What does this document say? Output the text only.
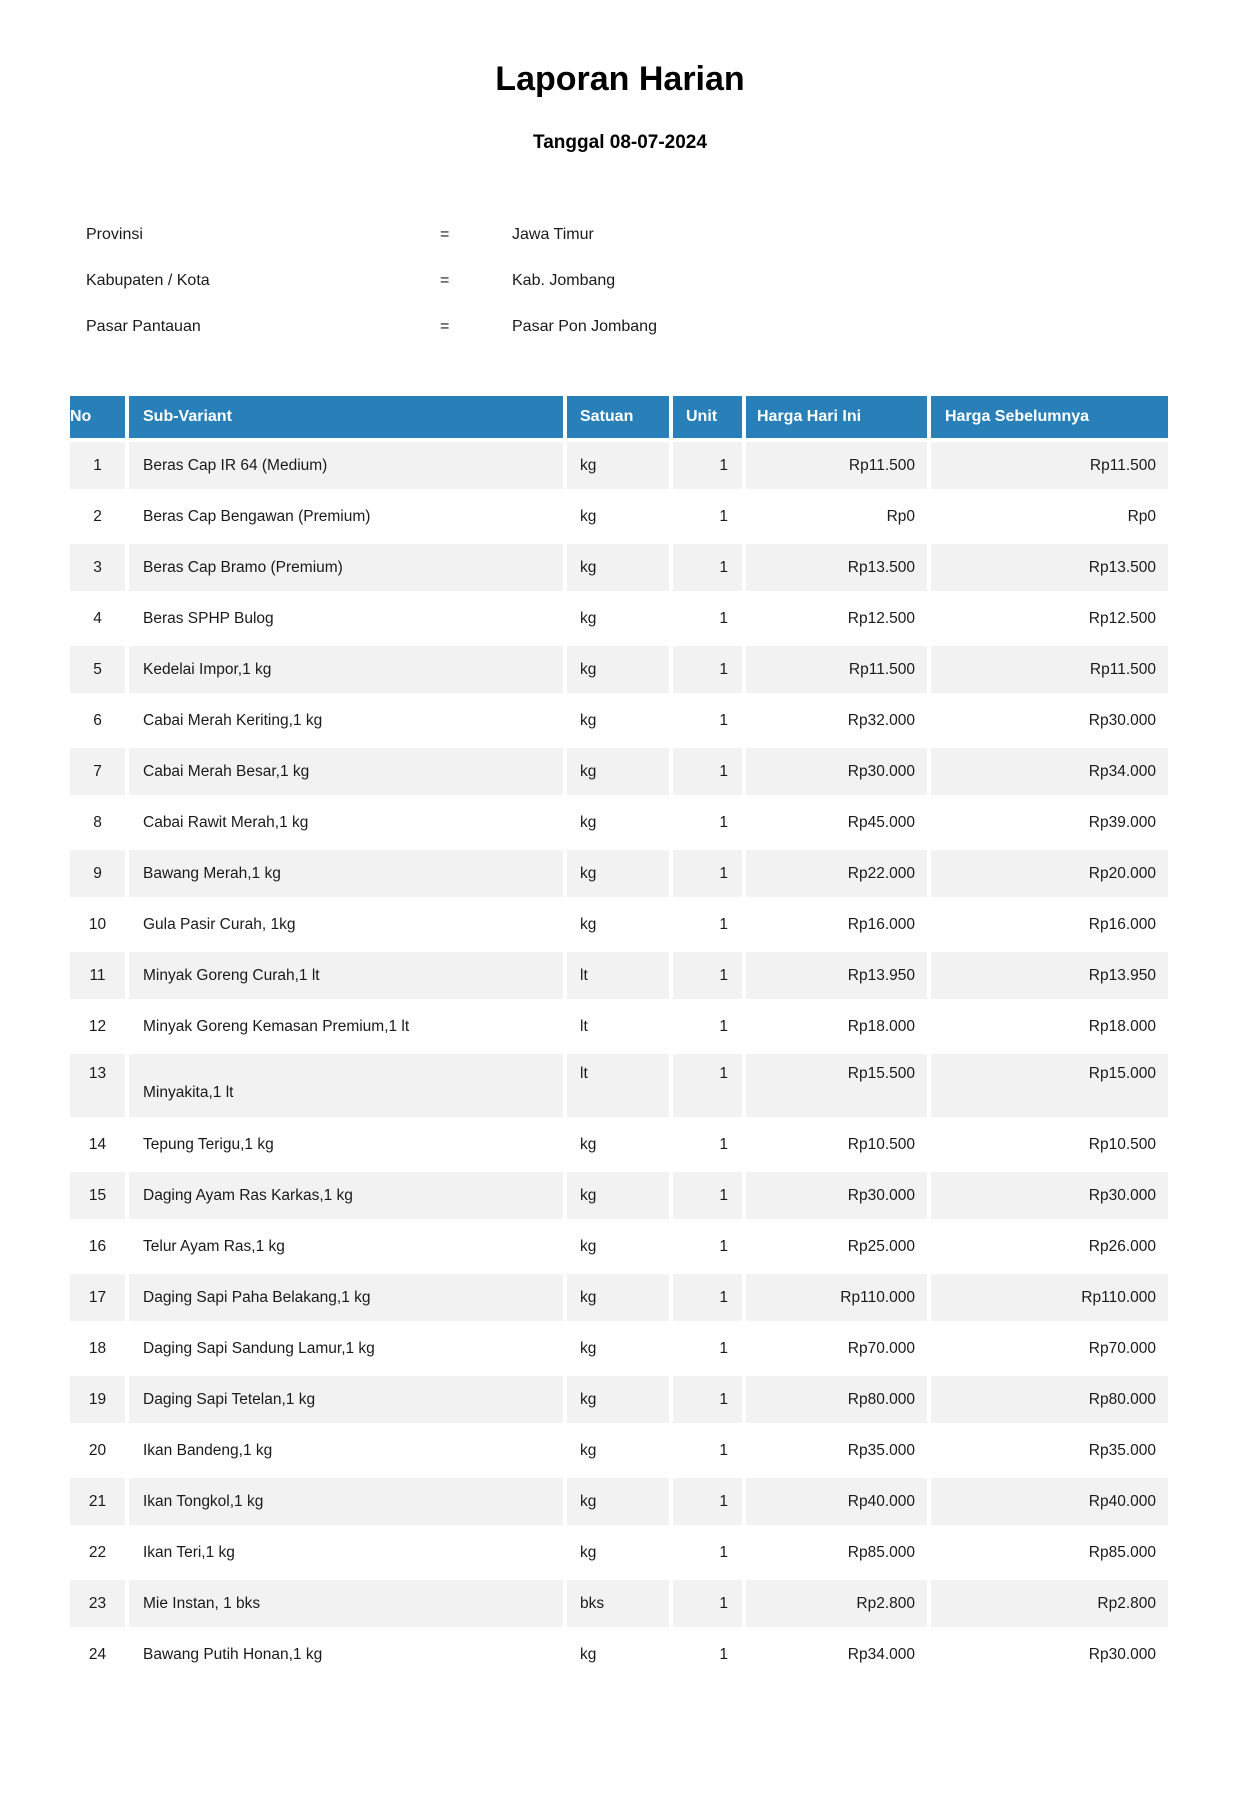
Laporan Harian
Tanggal 08-07-2024
Provinsi	=	Jawa Timur
Kabupaten / Kota	=	Kab. Jombang
Pasar Pantauan	=	Pasar Pon Jombang
No	Sub-Variant	Satuan	Unit	Harga Hari Ini	Harga Sebelumnya
1	Beras Cap IR 64 (Medium)	kg	1	Rp11.500	Rp11.500
2	Beras Cap Bengawan (Premium)	kg	1	Rp0	Rp0
3	Beras Cap Bramo (Premium)	kg	1	Rp13.500	Rp13.500
4	Beras SPHP Bulog	kg	1	Rp12.500	Rp12.500
5	Kedelai Impor,1 kg	kg	1	Rp11.500	Rp11.500
6	Cabai Merah Keriting,1 kg	kg	1	Rp32.000	Rp30.000
7	Cabai Merah Besar,1 kg	kg	1	Rp30.000	Rp34.000
8	Cabai Rawit Merah,1 kg	kg	1	Rp45.000	Rp39.000
9	Bawang Merah,1 kg	kg	1	Rp22.000	Rp20.000
10	Gula Pasir Curah, 1kg	kg	1	Rp16.000	Rp16.000
11	Minyak Goreng Curah,1 lt	lt	1	Rp13.950	Rp13.950
12	Minyak Goreng Kemasan Premium,1 lt	lt	1	Rp18.000	Rp18.000
13	Minyakita,1 lt	lt	1	Rp15.500	Rp15.000
14	Tepung Terigu,1 kg	kg	1	Rp10.500	Rp10.500
15	Daging Ayam Ras Karkas,1 kg	kg	1	Rp30.000	Rp30.000
16	Telur Ayam Ras,1 kg	kg	1	Rp25.000	Rp26.000
17	Daging Sapi Paha Belakang,1 kg	kg	1	Rp110.000	Rp110.000
18	Daging Sapi Sandung Lamur,1 kg	kg	1	Rp70.000	Rp70.000
19	Daging Sapi Tetelan,1 kg	kg	1	Rp80.000	Rp80.000
20	Ikan Bandeng,1 kg	kg	1	Rp35.000	Rp35.000
21	Ikan Tongkol,1 kg	kg	1	Rp40.000	Rp40.000
22	Ikan Teri,1 kg	kg	1	Rp85.000	Rp85.000
23	Mie Instan, 1 bks	bks	1	Rp2.800	Rp2.800
24	Bawang Putih Honan,1 kg	kg	1	Rp34.000	Rp30.000
